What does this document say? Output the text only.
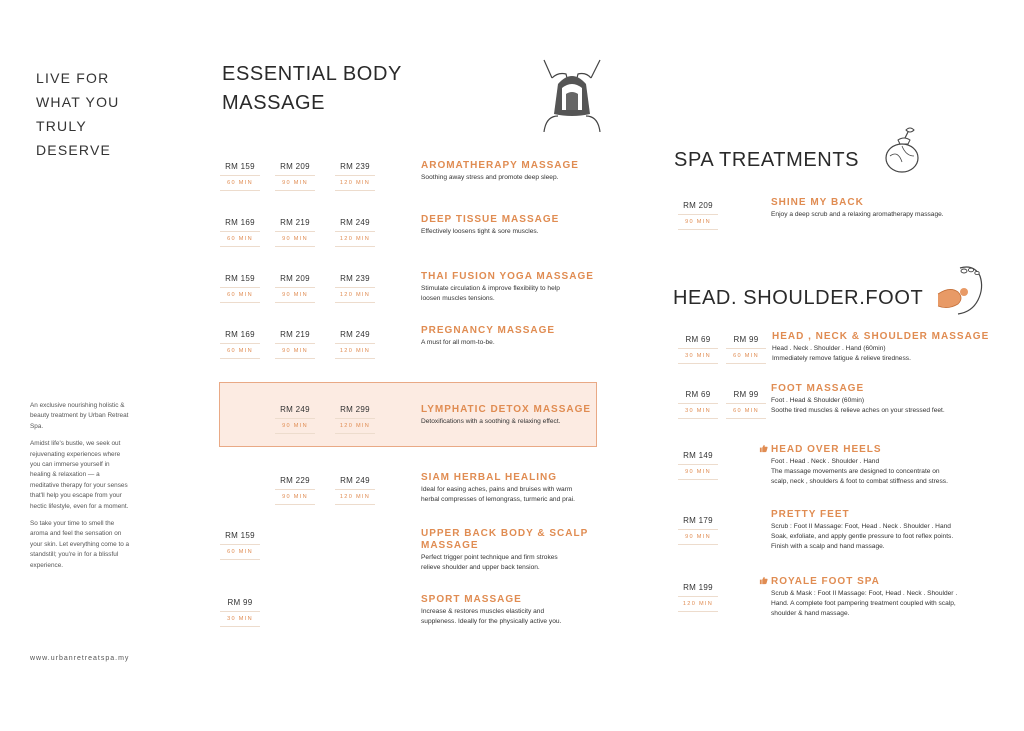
LIVE FOR
WHAT YOU
TRULY
DESERVE

An exclusive nourishing holistic & beauty treatment by Urban Retreat Spa.

Amidst life's bustle, we seek out rejuvenating experiences where you can immerse yourself in healing & relaxation — a meditative therapy for your senses that'll help you escape from your hectic lifestyle, even for a moment.

So take your time to smell the aroma and feel the sensation on your skin. Let everything come to a standstill; you're in for a blissful experience.

www.urbanretreatspa.my
ESSENTIAL BODY
MASSAGE
RM 159
60 MIN
RM 209
90 MIN
RM 239
120 MIN
AROMATHERAPY MASSAGE
Soothing away stress and promote deep sleep.
RM 169
60 MIN
RM 219
90 MIN
RM 249
120 MIN
DEEP TISSUE MASSAGE
Effectively loosens tight & sore muscles.
RM 159
60 MIN
RM 209
90 MIN
RM 239
120 MIN
THAI FUSION YOGA MASSAGE
Stimulate circulation & improve flexibility to help
loosen muscles tensions.
RM 169
60 MIN
RM 219
90 MIN
RM 249
120 MIN
PREGNANCY MASSAGE
A must for all mom-to-be.
RM 249
90 MIN
RM 299
120 MIN
LYMPHATIC DETOX MASSAGE
Detoxifications with a soothing & relaxing effect.
RM 229
90 MIN
RM 249
120 MIN
SIAM HERBAL HEALING
Ideal for easing aches, pains and bruises with warm
herbal compresses of lemongrass, turmeric and prai.
RM 159
60 MIN
UPPER BACK BODY & SCALP
MASSAGE
Perfect trigger point technique and firm strokes
relieve shoulder and upper back tension.
RM 99
30 MIN
SPORT MASSAGE
Increase & restores muscles elasticity and
suppleness. Ideally for the physically active you.
SPA TREATMENTS
RM 209
90 MIN
SHINE MY BACK
Enjoy a deep scrub and a relaxing aromatherapy massage.
HEAD. SHOULDER.FOOT
RM 69
30 MIN
RM 99
60 MIN
HEAD , NECK & SHOULDER MASSAGE
Head . Neck . Shoulder . Hand (60min)
Immediately remove fatigue & relieve tiredness.
RM 69
30 MIN
RM 99
60 MIN
FOOT MASSAGE
Foot . Head & Shoulder (60min)
Soothe tired muscles & relieve aches on your stressed feet.
RM 149
90 MIN
HEAD OVER HEELS
Foot . Head . Neck . Shoulder . Hand
The massage movements are designed to concentrate on
scalp, neck , shoulders & foot to combat stiffness and stress.
RM 179
90 MIN
PRETTY FEET
Scrub : Foot II Massage: Foot, Head . Neck . Shoulder . Hand
Soak, exfoliate, and apply gentle pressure to foot reflex points.
Finish with a scalp and hand massage.
RM 199
120 MIN
ROYALE FOOT SPA
Scrub & Mask : Foot II Massage: Foot, Head . Neck . Shoulder .
Hand. A complete foot pampering treatment coupled with scalp,
shoulder & hand massage.
